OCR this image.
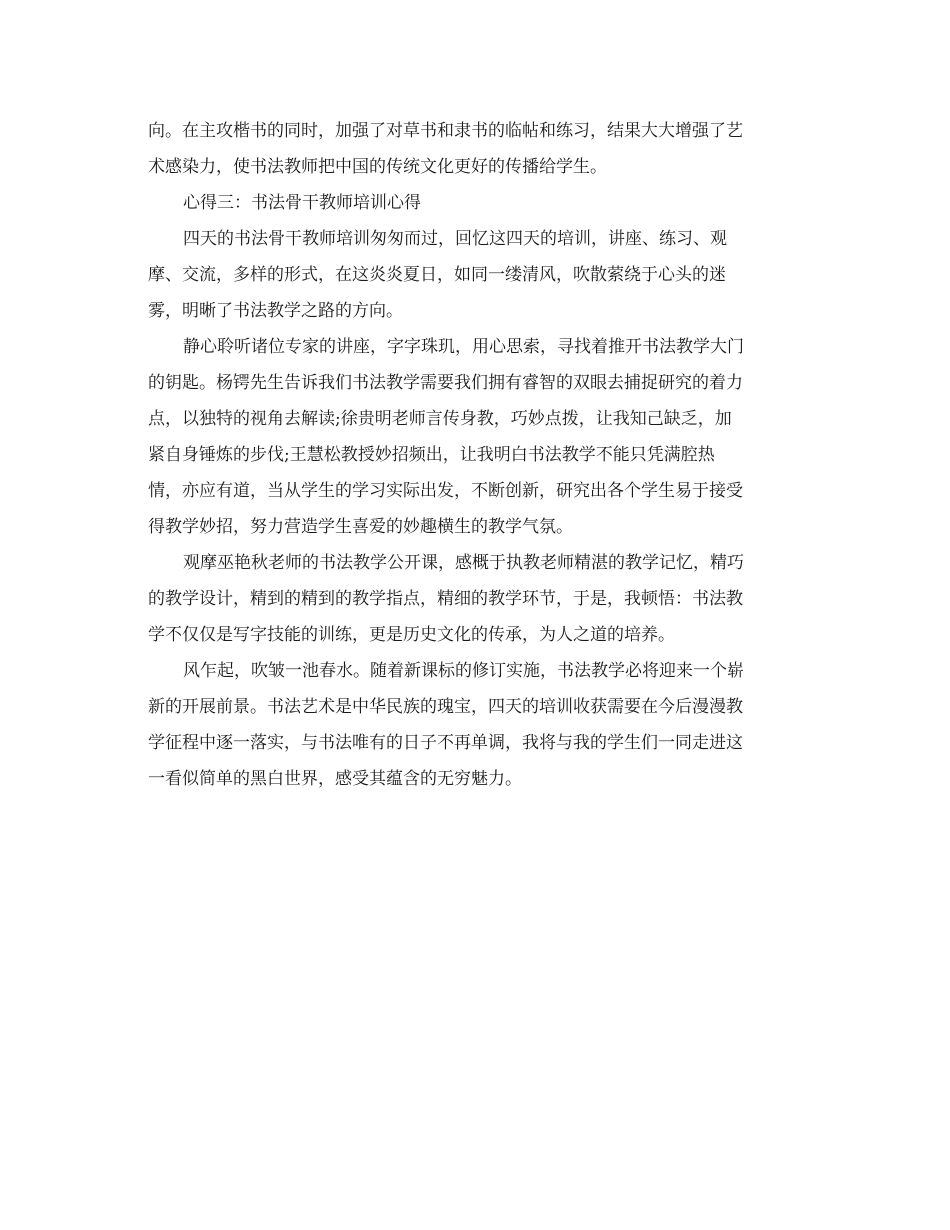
向。在主攻楷书的同时，加强了对草书和隶书的临帖和练习，结果大大增强了艺
术感染力，使书法教师把中国的传统文化更好的传播给学生。
心得三：书法骨干教师培训心得
四天的书法骨干教师培训匆匆而过，回忆这四天的培训，讲座、练习、观
摩、交流，多样的形式，在这炎炎夏日，如同一缕清风，吹散萦绕于心头的迷
雾，明晰了书法教学之路的方向。
静心聆听诸位专家的讲座，字字珠玑，用心思索，寻找着推开书法教学大门
的钥匙。杨锷先生告诉我们书法教学需要我们拥有睿智的双眼去捕捉研究的着力
点，以独特的视角去解读;徐贵明老师言传身教，巧妙点拨，让我知己缺乏，加
紧自身锤炼的步伐;王慧松教授妙招频出，让我明白书法教学不能只凭满腔热
情，亦应有道，当从学生的学习实际出发，不断创新，研究出各个学生易于接受
得教学妙招，努力营造学生喜爱的妙趣横生的教学气氛。
观摩巫艳秋老师的书法教学公开课，感概于执教老师精湛的教学记忆，精巧
的教学设计，精到的精到的教学指点，精细的教学环节，于是，我顿悟：书法教
学不仅仅是写字技能的训练，更是历史文化的传承，为人之道的培养。
风乍起，吹皱一池春水。随着新课标的修订实施，书法教学必将迎来一个崭
新的开展前景。书法艺术是中华民族的瑰宝，四天的培训收获需要在今后漫漫教
学征程中逐一落实，与书法唯有的日子不再单调，我将与我的学生们一同走进这
一看似简单的黑白世界，感受其蕴含的无穷魅力。
